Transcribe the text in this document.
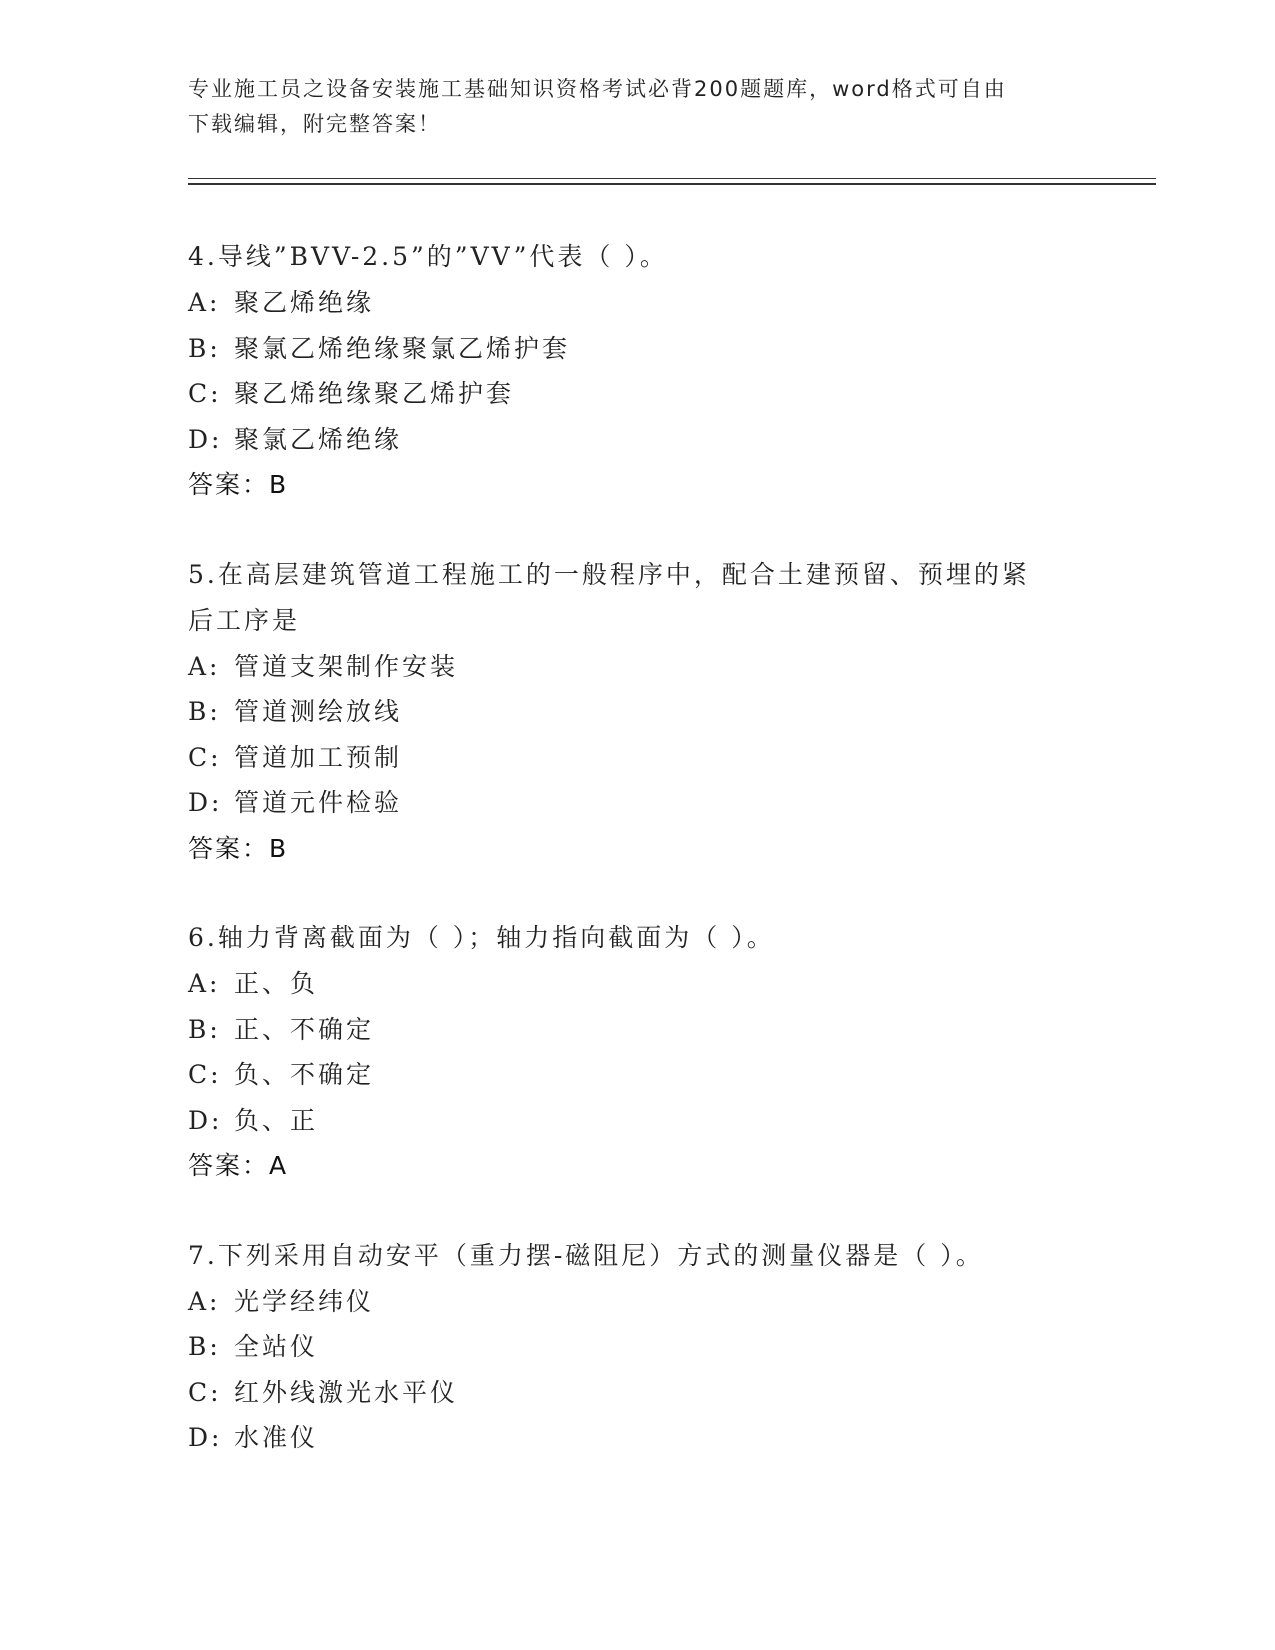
专业施工员之设备安装施工基础知识资格考试必背200题题库，word格式可自由
下载编辑，附完整答案！
4.导线”BVV-2.5”的”VV”代表（ ）。
A: 聚乙烯绝缘
B: 聚氯乙烯绝缘聚氯乙烯护套
C: 聚乙烯绝缘聚乙烯护套
D: 聚氯乙烯绝缘
答案：B
5.在高层建筑管道工程施工的一般程序中，配合土建预留、预埋的紧
后工序是
A: 管道支架制作安装
B: 管道测绘放线
C: 管道加工预制
D: 管道元件检验
答案：B
6.轴力背离截面为（ ）；轴力指向截面为（ ）。
A: 正、负
B: 正、不确定
C: 负、不确定
D: 负、正
答案：A
7.下列采用自动安平（重力摆-磁阻尼）方式的测量仪器是（ ）。
A: 光学经纬仪
B: 全站仪
C: 红外线激光水平仪
D: 水准仪
